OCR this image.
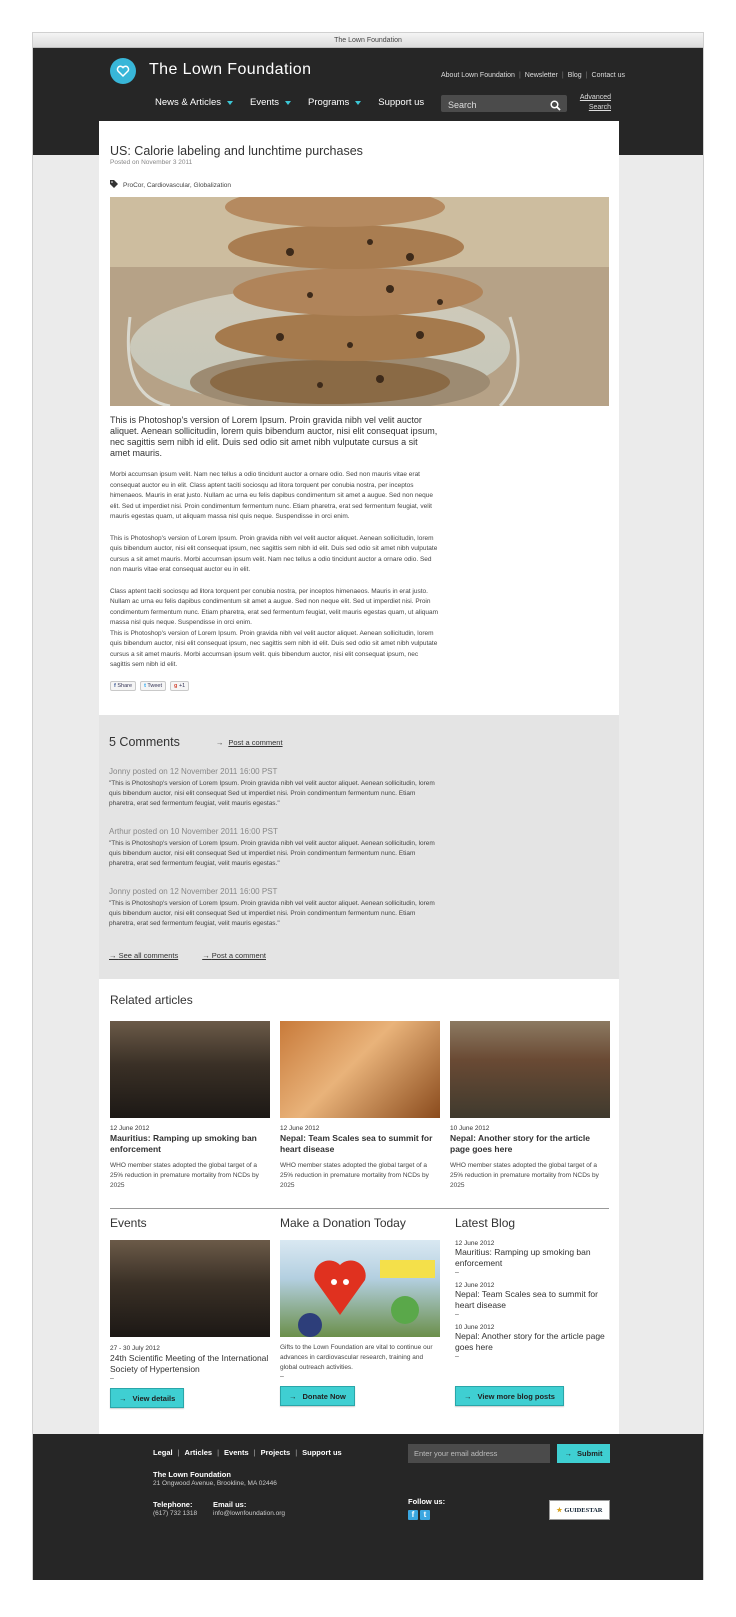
The Lown Foundation
The Lown Foundation	About Lown Foundation | Newsletter | Blog | Contact us
News & Articles	Events	Programs	Support us
Search	Advanced
Search
US: Calorie labeling and lunchtime purchases
Posted on November 3 2011
ProCor, Cardiovascular, Globalization
This is Photoshop's version of Lorem Ipsum. Proin gravida nibh vel velit auctor aliquet. Aenean sollicitudin, lorem quis bibendum auctor, nisi elit consequat ipsum, nec sagittis sem nibh id elit. Duis sed odio sit amet nibh vulputate cursus a sit amet mauris.
Morbi accumsan ipsum velit. Nam nec tellus a odio tincidunt auctor a ornare odio. Sed non mauris vitae erat consequat auctor eu in elit. Class aptent taciti sociosqu ad litora torquent per conubia nostra, per inceptos himenaeos. Mauris in erat justo. Nullam ac urna eu felis dapibus condimentum sit amet a augue. Sed non neque elit. Sed ut imperdiet nisi. Proin condimentum fermentum nunc. Etiam pharetra, erat sed fermentum feugiat, velit mauris egestas quam, ut aliquam massa nisl quis neque. Suspendisse in orci enim.
This is Photoshop's version of Lorem Ipsum. Proin gravida nibh vel velit auctor aliquet. Aenean sollicitudin, lorem quis bibendum auctor, nisi elit consequat ipsum, nec sagittis sem nibh id elit. Duis sed odio sit amet nibh vulputate cursus a sit amet mauris. Morbi accumsan ipsum velit. Nam nec tellus a odio tincidunt auctor a ornare odio. Sed non mauris vitae erat consequat auctor eu in elit.
Class aptent taciti sociosqu ad litora torquent per conubia nostra, per inceptos himenaeos. Mauris in erat justo. Nullam ac urna eu felis dapibus condimentum sit amet a augue. Sed non neque elit. Sed ut imperdiet nisi. Proin condimentum fermentum nunc. Etiam pharetra, erat sed fermentum feugiat, velit mauris egestas quam, ut aliquam massa nisl quis neque. Suspendisse in orci enim.
This is Photoshop's version of Lorem Ipsum. Proin gravida nibh vel velit auctor aliquet. Aenean sollicitudin, lorem quis bibendum auctor, nisi elit consequat ipsum, nec sagittis sem nibh id elit. Duis sed odio sit amet nibh vulputate cursus a sit amet mauris. Morbi accumsan ipsum velit. quis bibendum auctor, nisi elit consequat ipsum, nec sagittis sem nibh id elit.
f Share	t Tweet	g +1
5 Comments	→ Post a comment
Jonny posted on 12 November 2011 16:00 PST
"This is Photoshop's version of Lorem Ipsum. Proin gravida nibh vel velit auctor aliquet. Aenean sollicitudin, lorem quis bibendum auctor, nisi elit consequat Sed ut imperdiet nisi. Proin condimentum fermentum nunc. Etiam pharetra, erat sed fermentum feugiat, velit mauris egestas."
Arthur posted on 10 November 2011 16:00 PST
"This is Photoshop's version of Lorem Ipsum. Proin gravida nibh vel velit auctor aliquet. Aenean sollicitudin, lorem quis bibendum auctor, nisi elit consequat Sed ut imperdiet nisi. Proin condimentum fermentum nunc. Etiam pharetra, erat sed fermentum feugiat, velit mauris egestas."
Jonny posted on 12 November 2011 16:00 PST
"This is Photoshop's version of Lorem Ipsum. Proin gravida nibh vel velit auctor aliquet. Aenean sollicitudin, lorem quis bibendum auctor, nisi elit consequat Sed ut imperdiet nisi. Proin condimentum fermentum nunc. Etiam pharetra, erat sed fermentum feugiat, velit mauris egestas."
→ See all comments	→ Post a comment
Related articles
12 June 2012
Mauritius: Ramping up smoking ban enforcement
WHO member states adopted the global target of a 25% reduction in premature mortality from NCDs by 2025
12 June 2012
Nepal: Team Scales sea to summit for heart disease
WHO member states adopted the global target of a 25% reduction in premature mortality from NCDs by 2025
10 June 2012
Nepal: Another story for the article page goes here
WHO member states adopted the global target of a 25% reduction in premature mortality from NCDs by 2025
Events
27 - 30 July 2012
24th Scientific Meeting of the International Society of Hypertension
–
→ View details
Make a Donation Today
Gifts to the Lown Foundation are vital to continue our advances in cardiovascular research, training and global outreach activities.
–
→ Donate Now
Latest Blog
12 June 2012
Mauritius: Ramping up smoking ban enforcement
–
12 June 2012
Nepal: Team Scales sea to summit for heart disease
–
10 June 2012
Nepal: Another story for the article page goes here
–
→ View more blog posts
Legal | Articles | Events | Projects | Support us
The Lown Foundation
21 Ongwood Avenue, Brookline, MA 02446
Telephone:
(617) 732 1318
Email us:
info@lownfoundation.org
Enter your email address
→ Submit
Follow us:
f	t	★ GUIDESTAR
